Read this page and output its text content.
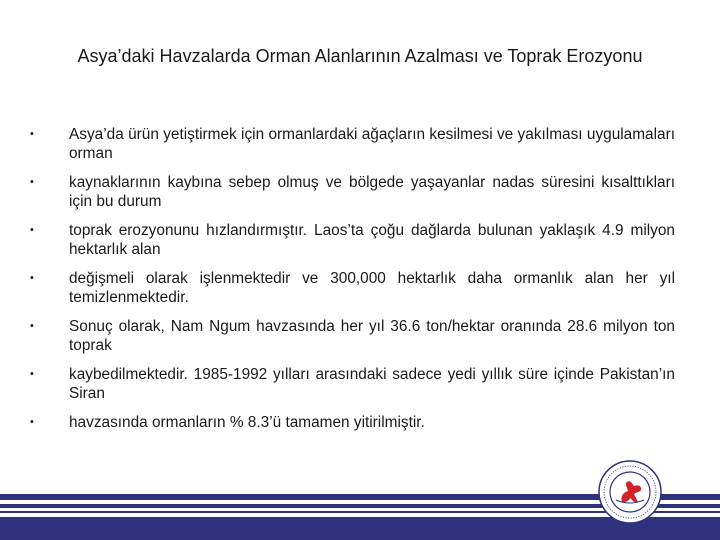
Asya’daki Havzalarda Orman Alanlarının Azalması ve Toprak Erozyonu
• Asya’da ürün yetiştirmek için ormanlardaki ağaçların kesilmesi ve yakılması uygulamaları orman
• kaynaklarının kaybına sebep olmuş ve bölgede yaşayanlar nadas süresini kısalttıkları için bu durum
• toprak erozyonunu hızlandırmıştır. Laos’ta çoğu dağlarda bulunan yaklaşık 4.9 milyon hektarlık alan
• değişmeli olarak işlenmektedir ve 300,000 hektarlık daha ormanlık alan her yıl temizlenmektedir.
• Sonuç olarak, Nam Ngum havzasında her yıl 36.6 ton/hektar oranında 28.6 milyon ton toprak
• kaybedilmektedir. 1985-1992 yılları arasındaki sadece yedi yıllık süre içinde Pakistan’ın Siran
• havzasında ormanların % 8.3’ü tamamen yitirilmiştir.
